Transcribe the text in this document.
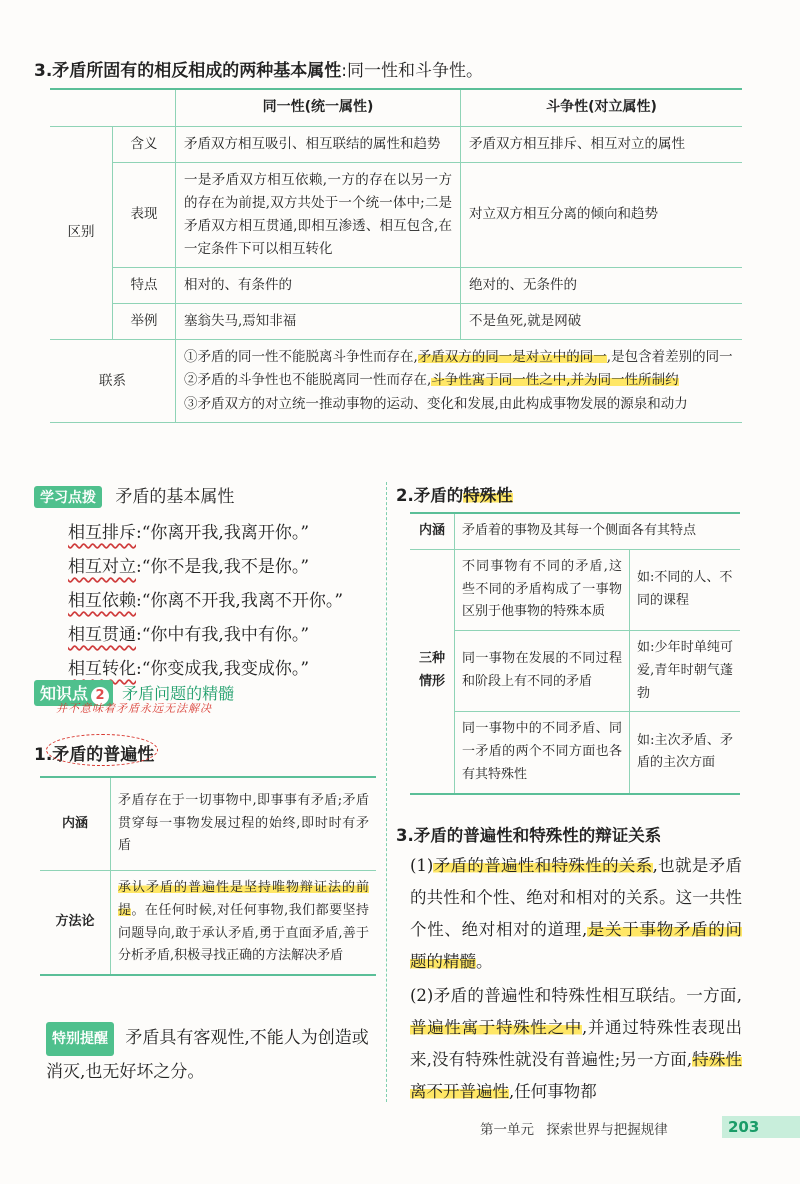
3.矛盾所固有的相反相成的两种基本属性:同一性和斗争性。
		同一性(统一属性)	斗争性(对立属性)
区别	含义	矛盾双方相互吸引、相互联结的属性和趋势	矛盾双方相互排斥、相互对立的属性
	表现	一是矛盾双方相互依赖,一方的存在以另一方的存在为前提,双方共处于一个统一体中;二是矛盾双方相互贯通,即相互渗透、相互包含,在一定条件下可以相互转化	对立双方相互分离的倾向和趋势
	特点	相对的、有条件的	绝对的、无条件的
	举例	塞翁失马,焉知非福	不是鱼死,就是网破
联系		①矛盾的同一性不能脱离斗争性而存在,矛盾双方的同一是对立中的同一,是包含着差别的同一
②矛盾的斗争性也不能脱离同一性而存在,斗争性寓于同一性之中,并为同一性所制约
③矛盾双方的对立统一推动事物的运动、变化和发展,由此构成事物发展的源泉和动力	
学习点拨 矛盾的基本属性
相互排斥:“你离开我,我离开你。”
相互对立:“你不是我,我不是你。”
相互依赖:“你离不开我,我离不开你。”
相互贯通:“你中有我,我中有你。”
相互转化:“你变成我,我变成你。”
知识点 2 矛盾问题的精髓
并不意味着矛盾永远无法解决
1.矛盾的普遍性
内涵	矛盾存在于一切事物中,即事事有矛盾;矛盾贯穿每一事物发展过程的始终,即时时有矛盾
方法论	承认矛盾的普遍性是坚持唯物辩证法的前提。在任何时候,对任何事物,我们都要坚持问题导向,敢于承认矛盾,勇于直面矛盾,善于分析矛盾,积极寻找正确的方法解决矛盾
特别提醒 矛盾具有客观性,不能人为创造或消灭,也无好坏之分。
2.矛盾的特殊性
内涵	矛盾着的事物及其每一个侧面各有其特点	
三种情形	不同事物有不同的矛盾,这些不同的矛盾构成了一事物区别于他事物的特殊本质	如:不同的人、不同的课程
	同一事物在发展的不同过程和阶段上有不同的矛盾	如:少年时单纯可爱,青年时朝气蓬勃
	同一事物中的不同矛盾、同一矛盾的两个不同方面也各有其特殊性	如:主次矛盾、矛盾的主次方面
3.矛盾的普遍性和特殊性的辩证关系
(1)矛盾的普遍性和特殊性的关系,也就是矛盾的共性和个性、绝对和相对的关系。这一共性个性、绝对相对的道理,是关于事物矛盾的问题的精髓。
(2)矛盾的普遍性和特殊性相互联结。一方面,普遍性寓于特殊性之中,并通过特殊性表现出来,没有特殊性就没有普遍性;另一方面,特殊性离不开普遍性,任何事物都
第一单元 探索世界与把握规律	203
